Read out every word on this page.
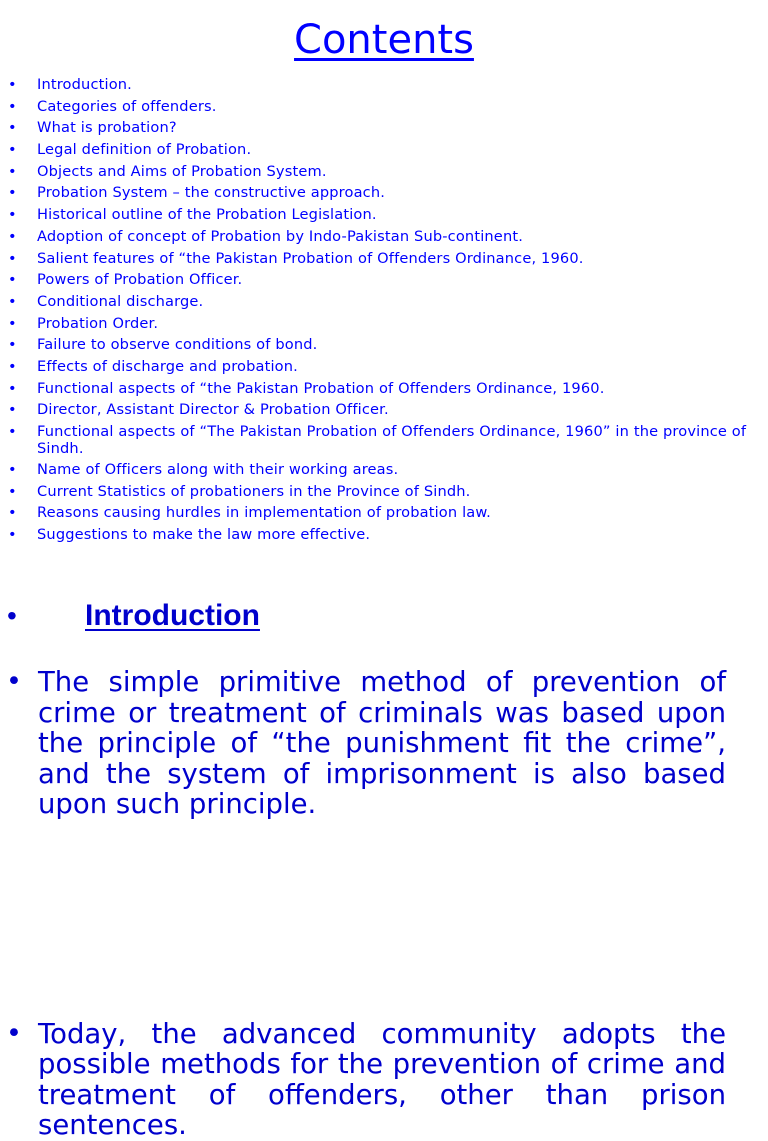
Contents
• Introduction.
• Categories of offenders.
• What is probation?
• Legal definition of Probation.
• Objects and Aims of Probation System.
• Probation System – the constructive approach.
• Historical outline of the Probation Legislation.
• Adoption of concept of Probation by Indo-Pakistan Sub-continent.
• Salient features of “the Pakistan Probation of Offenders Ordinance, 1960.
• Powers of Probation Officer.
• Conditional discharge.
• Probation Order.
• Failure to observe conditions of bond.
• Effects of discharge and probation.
• Functional aspects of “the Pakistan Probation of Offenders Ordinance, 1960.
• Director, Assistant Director & Probation Officer.
• Functional aspects of “The Pakistan Probation of Offenders Ordinance, 1960” in the province of Sindh.
• Name of Officers along with their working areas.
• Current Statistics of probationers in the Province of Sindh.
• Reasons causing hurdles in implementation of probation law.
• Suggestions to make the law more effective.
• Introduction
• The simple primitive method of prevention of crime or treatment of criminals was based upon the principle of “the punishment fit the crime”, and the system of imprisonment is also based upon such principle.

• Today, the advanced community adopts the possible methods for the prevention of crime and treatment of offenders, other than prison sentences.
